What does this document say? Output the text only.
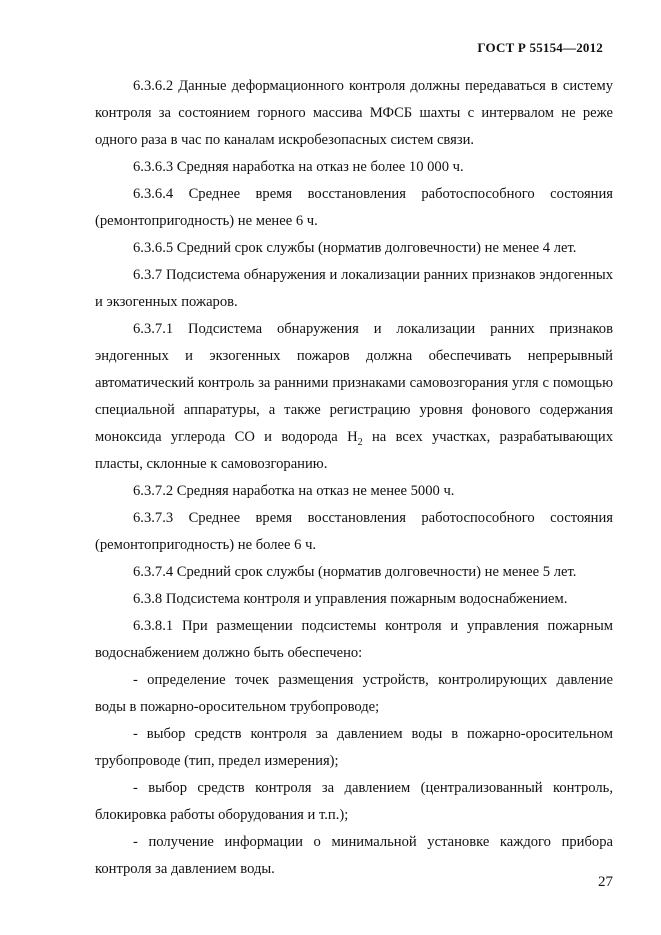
ГОСТ Р 55154—2012

6.3.6.2 Данные деформационного контроля должны передаваться в систему контроля за состоянием горного массива МФСБ шахты с интервалом не реже одного раза в час по каналам искробезопасных систем связи.

6.3.6.3 Средняя наработка на отказ не более 10 000 ч.

6.3.6.4 Среднее время восстановления работоспособного состояния (ремонтопригодность) не менее 6 ч.

6.3.6.5 Средний срок службы (норматив долговечности) не менее 4 лет.

6.3.7 Подсистема обнаружения и локализации ранних признаков эндогенных и экзогенных пожаров.

6.3.7.1 Подсистема обнаружения и локализации ранних признаков эндогенных и экзогенных пожаров должна обеспечивать непрерывный автоматический контроль за ранними признаками самовозгорания угля с помощью специальной аппаратуры, а также регистрацию уровня фонового содержания моноксида углерода СО и водорода $Н_2$ на всех участках, разрабатывающих пласты, склонные к самовозгоранию.

6.3.7.2 Средняя наработка на отказ не менее 5000 ч.

6.3.7.3 Среднее время восстановления работоспособного состояния (ремонтопригодность) не более 6 ч.

6.3.7.4 Средний срок службы (норматив долговечности) не менее 5 лет.

6.3.8 Подсистема контроля и управления пожарным водоснабжением.

6.3.8.1 При размещении подсистемы контроля и управления пожарным водоснабжением должно быть обеспечено:

- определение точек размещения устройств, контролирующих давление воды в пожарно-оросительном трубопроводе;

- выбор средств контроля за давлением воды в пожарно-оросительном трубопроводе (тип, предел измерения);

- выбор средств контроля за давлением (централизованный контроль, блокировка работы оборудования и т.п.);

- получение информации о минимальной установке каждого прибора контроля за давлением воды.

27
